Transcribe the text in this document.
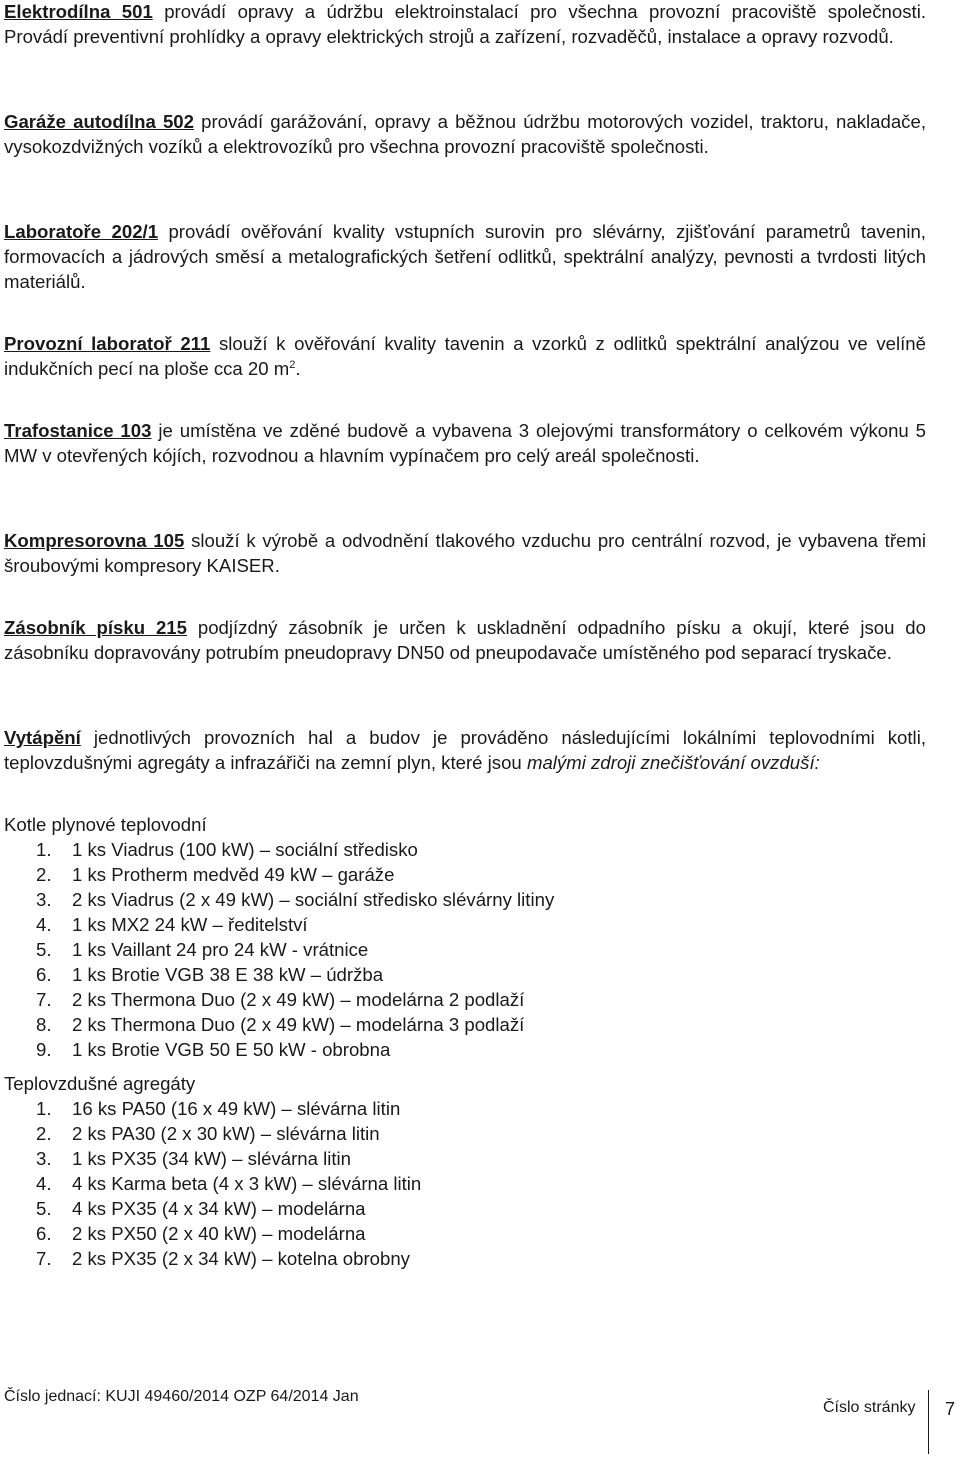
Elektrodílna 501 provádí opravy a údržbu elektroinstalací pro všechna provozní pracoviště společnosti. Provádí preventivní prohlídky a opravy elektrických strojů a zařízení, rozvaděčů, instalace a opravy rozvodů.

Garáže autodílna 502 provádí garážování, opravy a běžnou údržbu motorových vozidel, traktoru, nakladače, vysokozdvižných vozíků a elektrovozíků pro všechna provozní pracoviště společnosti.

Laboratoře 202/1 provádí ověřování kvality vstupních surovin pro slévárny, zjišťování parametrů tavenin, formovacích a jádrových směsí a metalografických šetření odlitků, spektrální analýzy, pevnosti a tvrdosti litých materiálů.

Provozní laboratoř 211 slouží k ověřování kvality tavenin a vzorků z odlitků spektrální analýzou ve velíně indukčních pecí na ploše cca 20 $m^2$.

Trafostanice 103 je umístěna ve zděné budově a vybavena 3 olejovými transformátory o celkovém výkonu 5 MW v otevřených kójích, rozvodnou a hlavním vypínačem pro celý areál společnosti.

Kompresorovna 105 slouží k výrobě a odvodnění tlakového vzduchu pro centrální rozvod, je vybavena třemi šroubovými kompresory KAISER.

Zásobník písku 215 podjízdný zásobník je určen k uskladnění odpadního písku a okují, které jsou do zásobníku dopravovány potrubím pneudopravy DN50 od pneupodavače umístěného pod separací tryskače.

Vytápění jednotlivých provozních hal a budov je prováděno následujícími lokálními teplovodními kotli, teplovzdušnými agregáty a infrazářiči na zemní plyn, které jsou malými zdroji znečišťování ovzduší:

Kotle plynové teplovodní
1.	1 ks Viadrus (100 kW) – sociální středisko
2.	1 ks Protherm medvěd 49 kW – garáže
3.	2 ks Viadrus (2 x 49 kW) – sociální středisko slévárny litiny
4.	1 ks MX2 24 kW – ředitelství
5.	1 ks Vaillant 24 pro 24 kW - vrátnice
6.	1 ks Brotie VGB 38 E 38 kW – údržba
7.	2 ks Thermona Duo (2 x 49 kW) – modelárna 2 podlaží
8.	2 ks Thermona Duo (2 x 49 kW) – modelárna 3 podlaží
9.	1 ks Brotie VGB 50 E 50 kW - obrobna
Teplovzdušné agregáty
1.	16 ks PA50 (16 x 49 kW) – slévárna litin
2.	2 ks PA30 (2 x 30 kW) – slévárna litin
3.	1 ks PX35 (34 kW) – slévárna litin
4.	4 ks Karma beta (4 x 3 kW) – slévárna litin
5.	4 ks PX35 (4 x 34 kW) – modelárna
6.	2 ks PX50 (2 x 40 kW) – modelárna
7.	2 ks PX35 (2 x 34 kW) – kotelna obrobny
Číslo jednací: KUJI 49460/2014 OZP 64/2014 Jan
Číslo stránky 7
